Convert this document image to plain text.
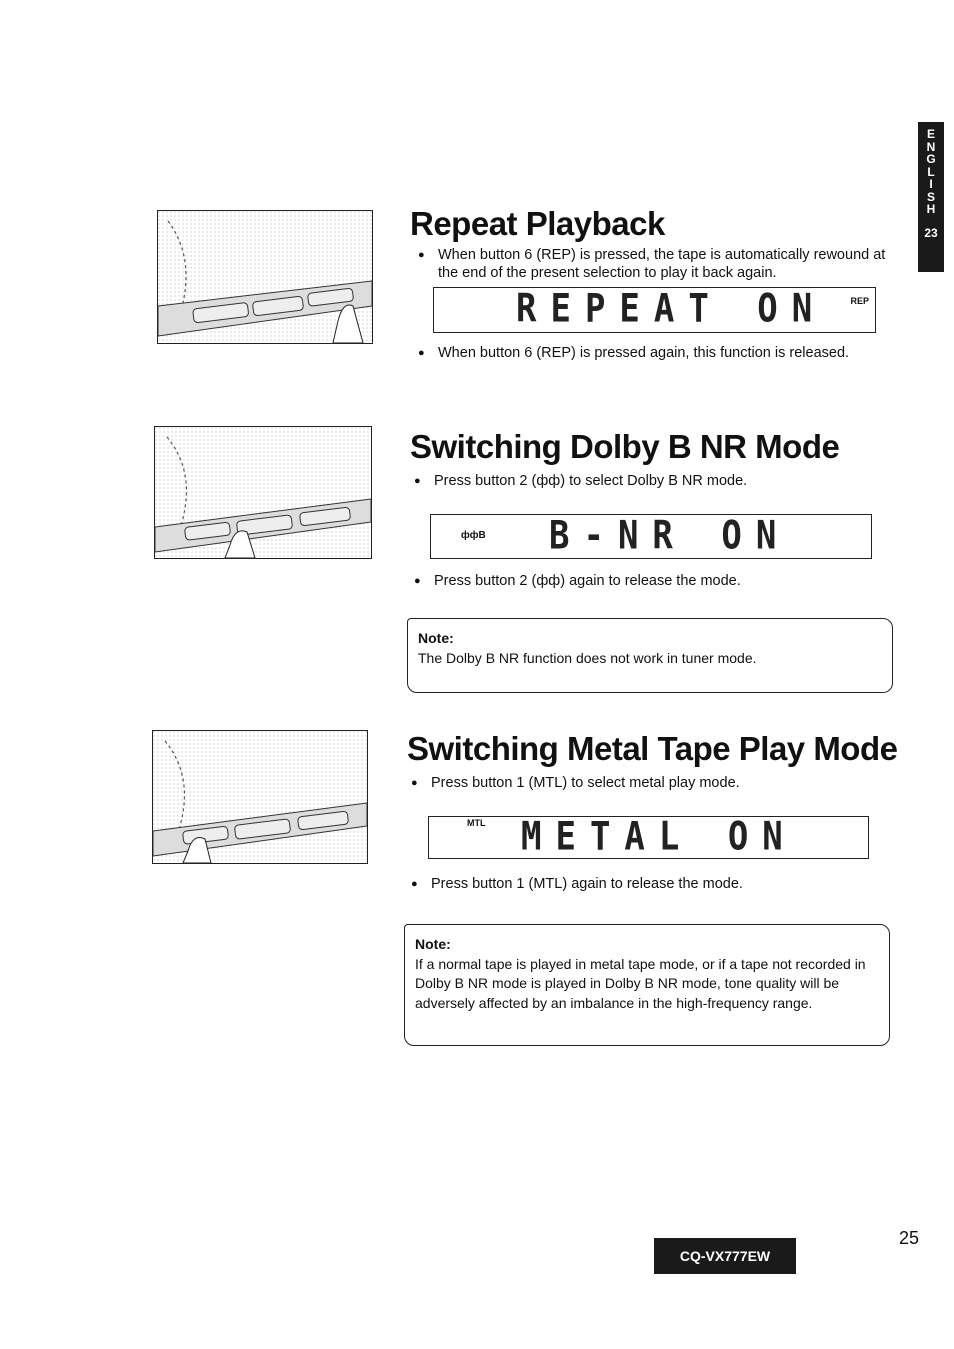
E
N
G
L
I
S
H
23
Repeat Playback
● When button 6 (REP) is pressed, the tape is automatically rewound at the end of the present selection to play it back again.
REPEAT ON	REP
● When button 6 (REP) is pressed again, this function is released.
Switching Dolby B NR Mode
● Press button 2 (фф) to select Dolby B NR mode.
ффB B-NR ON
● Press button 2 (фф) again to release the mode.
Note:
The Dolby B NR function does not work in tuner mode.
Switching Metal Tape Play Mode
● Press button 1 (MTL) to select metal play mode.
MTL METAL ON
● Press button 1 (MTL) again to release the mode.
Note:
If a normal tape is played in metal tape mode, or if a tape not recorded in Dolby B NR mode is played in Dolby B NR mode, tone quality will be adversely affected by an imbalance in the high-frequency range.
CQ-VX777EW
25
